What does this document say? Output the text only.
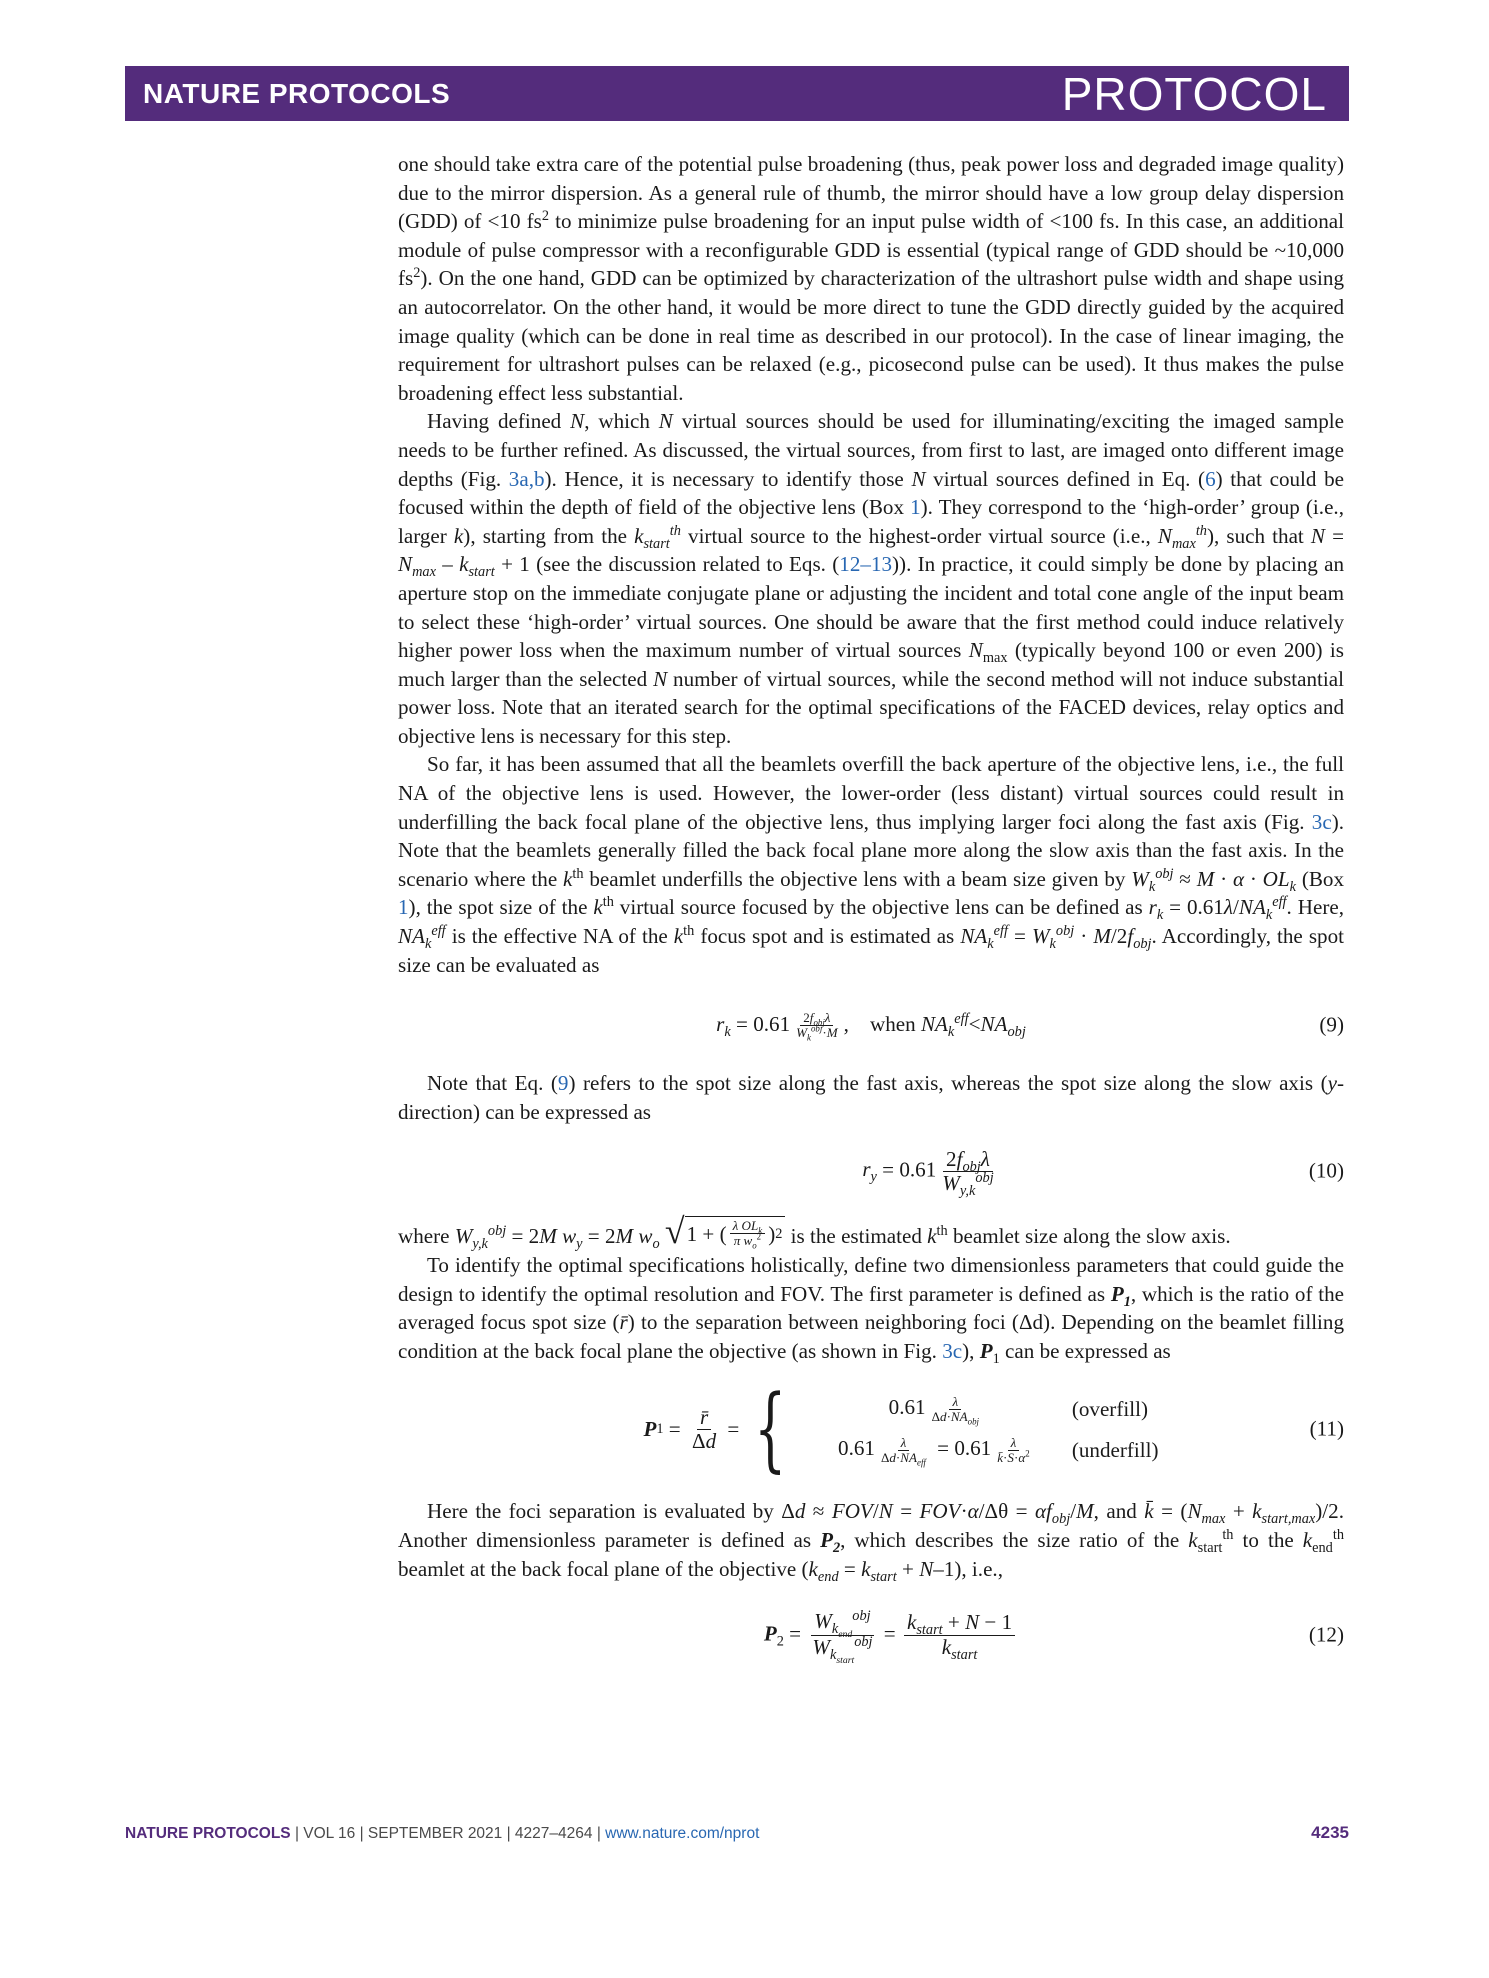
NATURE PROTOCOLS	PROTOCOL

one should take extra care of the potential pulse broadening (thus, peak power loss and degraded image quality) due to the mirror dispersion. As a general rule of thumb, the mirror should have a low group delay dispersion (GDD) of <10 $fs^2$ to minimize pulse broadening for an input pulse width of <100 fs. In this case, an additional module of pulse compressor with a reconfigurable GDD is essential (typical range of GDD should be ~10,000 $fs^2$). On the one hand, GDD can be optimized by characterization of the ultrashort pulse width and shape using an autocorrelator. On the other hand, it would be more direct to tune the GDD directly guided by the acquired image quality (which can be done in real time as described in our protocol). In the case of linear imaging, the requirement for ultrashort pulses can be relaxed (e.g., picosecond pulse can be used). It thus makes the pulse broadening effect less substantial.

Having defined N, which N virtual sources should be used for illuminating/exciting the imaged sample needs to be further refined. As discussed, the virtual sources, from first to last, are imaged onto different image depths (Fig. 3a,b). Hence, it is necessary to identify those N virtual sources defined in Eq. (6) that could be focused within the depth of field of the objective lens (Box 1). They correspond to the ‘high-order’ group (i.e., larger k), starting from the $k_{start}^{th}$ virtual source to the highest-order virtual source (i.e., $N_{max}^{th}$), such that $N = N_{max} - k_{start} + 1$ (see the discussion related to Eqs. (12–13)). In practice, it could simply be done by placing an aperture stop on the immediate conjugate plane or adjusting the incident and total cone angle of the input beam to select these ‘high-order’ virtual sources. One should be aware that the first method could induce relatively higher power loss when the maximum number of virtual sources $N_{max}$ (typically beyond 100 or even 200) is much larger than the selected N number of virtual sources, while the second method will not induce substantial power loss. Note that an iterated search for the optimal specifications of the FACED devices, relay optics and objective lens is necessary for this step.

So far, it has been assumed that all the beamlets overfill the back aperture of the objective lens, i.e., the full NA of the objective lens is used. However, the lower-order (less distant) virtual sources could result in underfilling the back focal plane of the objective lens, thus implying larger foci along the fast axis (Fig. 3c). Note that the beamlets generally filled the back focal plane more along the slow axis than the fast axis. In the scenario where the $k^{th}$ beamlet underfills the objective lens with a beam size given by $W_k^{obj} \approx M \cdot \alpha \cdot OL_k$ (Box 1), the spot size of the $k^{th}$ virtual source focused by the objective lens can be defined as $r_k = 0.61\lambda/NA_k^{eff}$. Here, $NA_k^{eff}$ is the effective NA of the $k^{th}$ focus spot and is estimated as $NA_k^{eff} = W_k^{obj} \cdot M/2f_{obj}$. Accordingly, the spot size can be evaluated as

$r_k = 0.61 \frac{2f_{obj}\lambda}{W_k^{obj}\cdot M}$ ,    when $NA_k^{eff}<NA_{obj}$	(9)

Note that Eq. (9) refers to the spot size along the fast axis, whereas the spot size along the slow axis (y-direction) can be expressed as

$r_y = 0.61 \frac{2f_{obj}\lambda}{W_{y,k}^{obj}}$	(10)

where $W_{y,k}^{obj} = 2M$ $w_y = 2M$ $w_o$ √ 1 + ( $\frac{\lambda OL_k}{\pi w_o^2}$ ) 2 is the estimated $k^{th}$ beamlet size along the slow axis.

To identify the optimal specifications holistically, define two dimensionless parameters that could guide the design to identify the optimal resolution and FOV. The first parameter is defined as $P_1$, which is the ratio of the averaged focus spot size (r̄) to the separation between neighboring foci (Δd). Depending on the beamlet filling condition at the back focal plane the objective (as shown in Fig. 3c), $P_1$ can be expressed as

P $1 = \frac{r̄}{\Delta d}$ = {	$0.61 \frac{\lambda}{\Delta d\cdot NA_{obj}}$	(overfill)
$0.61 \frac{\lambda}{\Delta d\cdot NA_{eff}} = 0.61 \frac{\lambda}{k̄\cdot S\cdot\alpha^2}$ (underfill)
(11)

Here the foci separation is evaluated by $\Delta d \approx FOV/N = FOV\cdot\alpha/\Delta\theta = \alpha f_{obj}/M$, and k̄ = $(N_{max} + k_{start,max})/2$. Another dimensionless parameter is defined as $P_2$, which describes the size ratio of the $k_{start}^{th}$ to the $k_{end}^{th}$ beamlet at the back focal plane of the objective $(k_{end} = k_{start} + N-1)$, i.e.,

$P_2 = \frac{W_{k_{end}}^{obj}}{W_{k_{start}}^{obj}} = \frac{k_{start} + N - 1}{k_{start}}$	(12)
NATURE PROTOCOLS | VOL 16 | SEPTEMBER 2021 | 4227–4264 | www.nature.com/nprot	4235
